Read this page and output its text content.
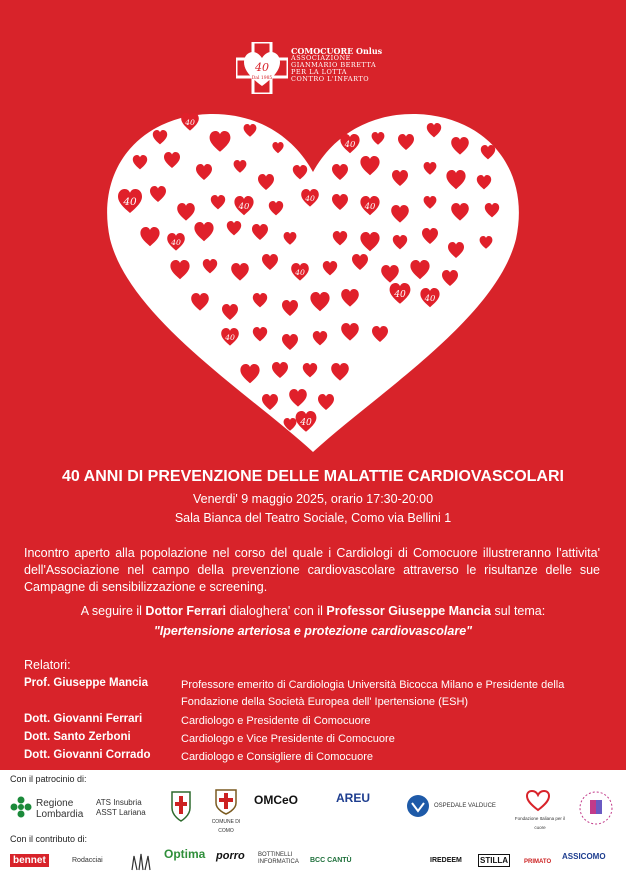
40
Dal 1985
COMOCUORE Onlus
ASSOCIAZIONE
GIANMARIO BERETTA
PER LA LOTTA
CONTRO L'INFARTO
40
40	40
40
40
40
40
40
40 40
40
40
40 ANNI DI PREVENZIONE DELLE MALATTIE CARDIOVASCOLARI
Venerdi' 9 maggio 2025, orario 17:30-20:00
Sala Bianca del Teatro Sociale, Como via Bellini 1
Incontro aperto alla popolazione nel corso del quale i Cardiologi di Comocuore illustreranno l'attivita' dell'Associazione nel campo della prevenzione cardiovascolare attraverso le risultanze delle sue Campagne di sensibilizzazione e screening.
A seguire il Dottor Ferrari dialoghera' con il Professor Giuseppe Mancia sul tema:
"Ipertensione arteriosa e protezione cardiovascolare"
Relatori:
Prof. Giuseppe Mancia	Professore emerito di Cardiologia Università Bicocca Milano e Presidente della Fondazione della Società Europea dell' Ipertensione (ESH)
Dott. Giovanni Ferrari	Cardiologo e Presidente di Comocuore
Dott. Santo Zerboni	Cardiologo e Vice Presidente di Comocuore
Dott. Giovanni Corrado	Cardiologo e Consigliere di Comocuore
Con il patrocinio di:
Regione Lombardia
ATS Insubria
ASST Lariana
COMUNE DI COMO
OMCeO	AREU
OSPEDALE VALDUCE
Fondazione Italiana per il cuore
Con il contributo di:
bennet	Rodacciai	Optima porro BOTTINELLI INFORMATICA	BCC CANTÙ	IREDEEM STILLA	PRIMATO
ASSICOMO
